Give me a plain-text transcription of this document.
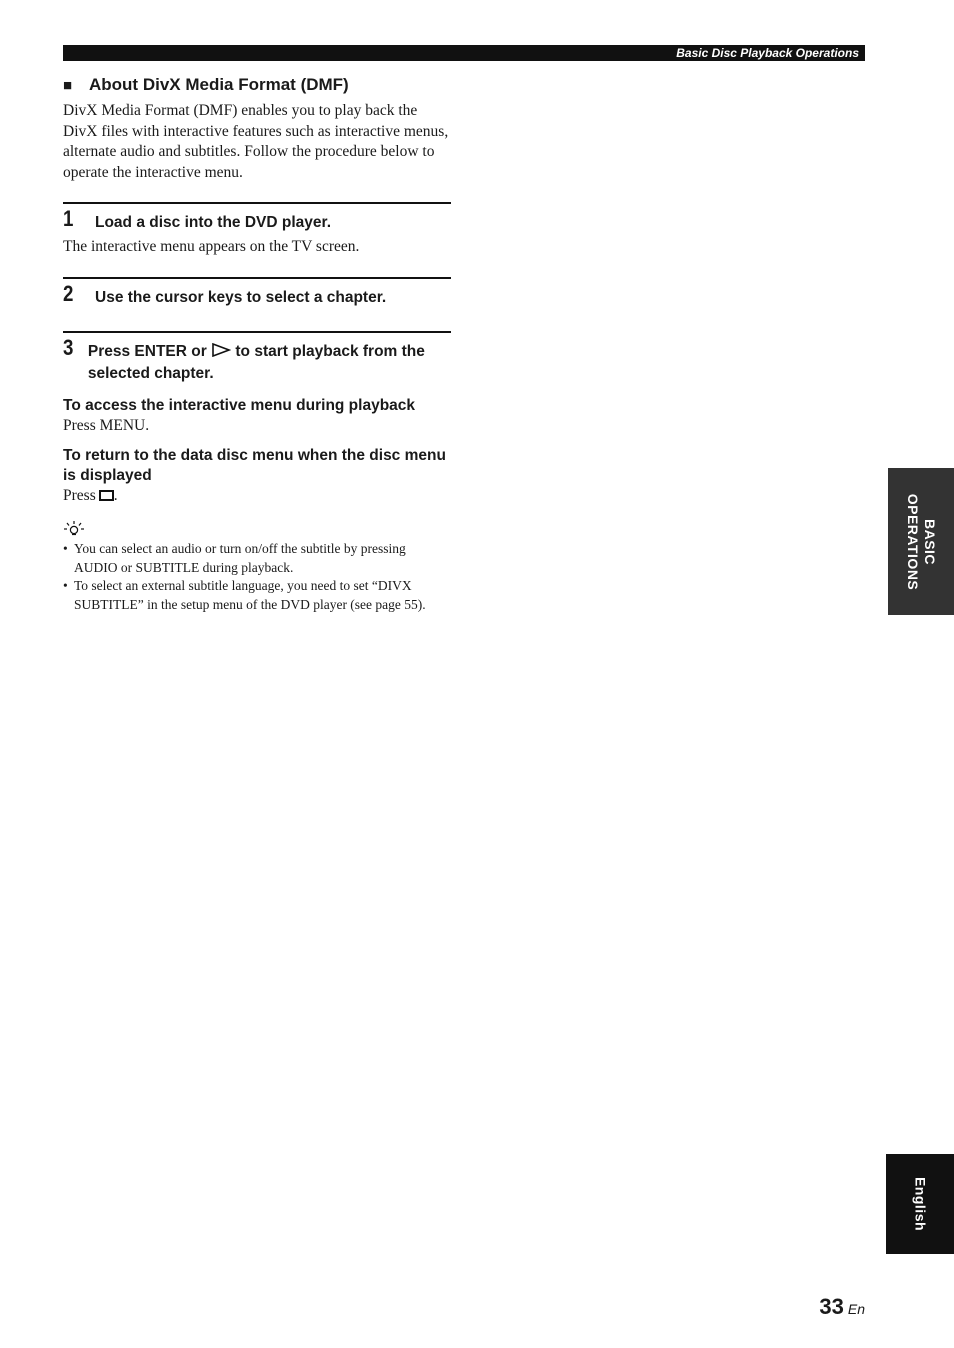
Basic Disc Playback Operations
■ About DivX Media Format (DMF)

DivX Media Format (DMF) enables you to play back the DivX files with interactive features such as interactive menus, alternate audio and subtitles. Follow the procedure below to operate the interactive menu.

1	Load a disc into the DVD player.

The interactive menu appears on the TV screen.

2	Use the cursor keys to select a chapter.
3 Press ENTER or to start playback from the selected chapter.

To access the interactive menu during playback

Press MENU.

To return to the data disc menu when the disc menu is displayed

Press .

• You can select an audio or turn on/off the subtitle by pressing AUDIO or SUBTITLE during playback.
• To select an external subtitle language, you need to set “DIVX SUBTITLE” in the setup menu of the DVD player (see page 55).
BASIC
OPERATIONS
English
33 En
